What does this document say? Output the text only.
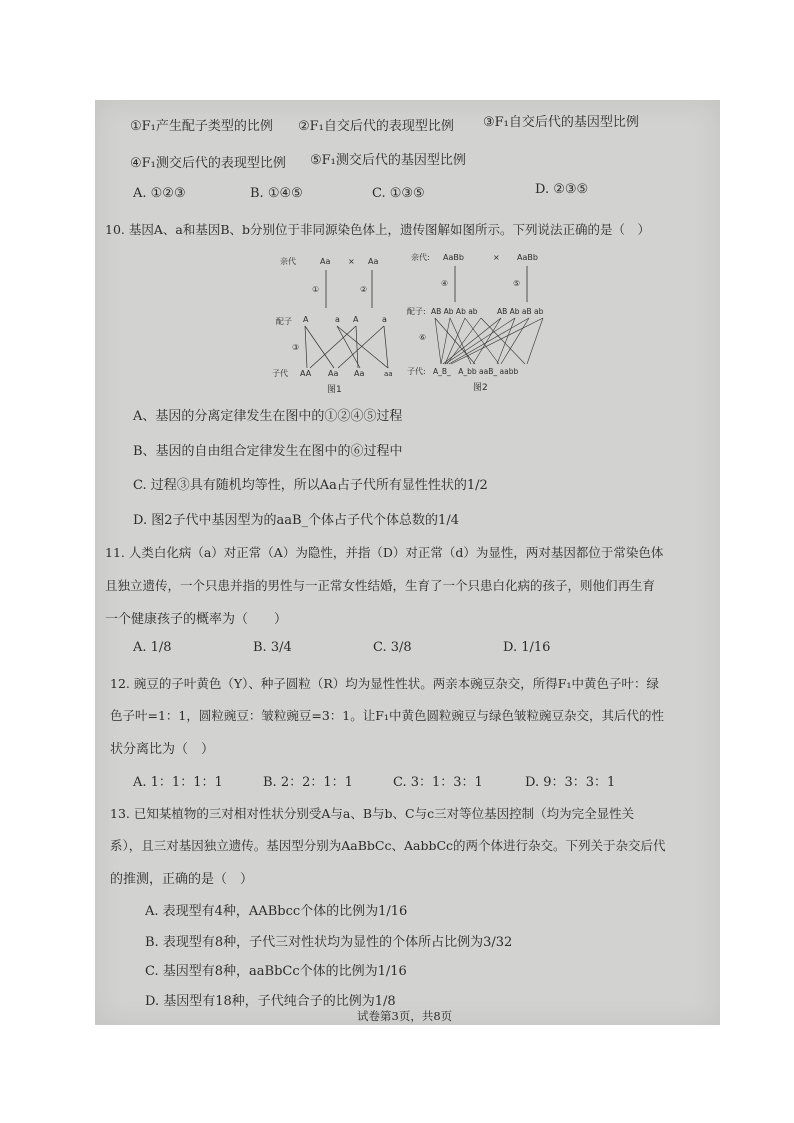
①F₁产生配子类型的比例 ②F₁自交后代的表现型比例 ③F₁自交后代的基因型比例
④F₁测交后代的表现型比例 ⑤F₁测交后代的基因型比例
A. ①②③	B. ①④⑤	C. ①③⑤	D. ②③⑤
10. 基因A、a和基因B、b分别位于非同源染色体上，遗传图解如图所示。下列说法正确的是（　）
亲代	Aa × Aa
①	②
配子 A	a A	a
③
子代 AA Aa Aa	aa
图1
亲代: AaBb	× AaBb
④	⑤
配子: AB Ab Ab ab	AB Ab aB ab
⑥
子代: A_B_　A_bb aaB_ aabb
图2
A、基因的分离定律发生在图中的①②④⑤过程
B、基因的自由组合定律发生在图中的⑥过程中
C. 过程③具有随机均等性，所以Aa占子代所有显性性状的1/2
D. 图2子代中基因型为的aaB_个体占子代个体总数的1/4
11. 人类白化病（a）对正常（A）为隐性，并指（D）对正常（d）为显性，两对基因都位于常染色体
且独立遗传，一个只患并指的男性与一正常女性结婚，生育了一个只患白化病的孩子，则他们再生育
一个健康孩子的概率为（　　）
A. 1/8	B. 3/4	C. 3/8	D. 1/16
12. 豌豆的子叶黄色（Y）、种子圆粒（R）均为显性性状。两亲本豌豆杂交，所得F₁中黄色子叶：绿
色子叶=1：1，圆粒豌豆：皱粒豌豆=3：1。让F₁中黄色圆粒豌豆与绿色皱粒豌豆杂交，其后代的性
状分离比为（　）
A. 1：1：1：1	B. 2：2：1：1	C. 3：1：3：1	D. 9：3：3：1
13. 已知某植物的三对相对性状分别受A与a、B与b、C与c三对等位基因控制（均为完全显性关
系），且三对基因独立遗传。基因型分别为AaBbCc、AabbCc的两个体进行杂交。下列关于杂交后代
的推测，正确的是（　）
A. 表现型有4种，AABbcc个体的比例为1/16
B. 表现型有8种，子代三对性状均为显性的个体所占比例为3/32
C. 基因型有8种，aaBbCc个体的比例为1/16
D. 基因型有18种，子代纯合子的比例为1/8
试卷第3页，共8页
